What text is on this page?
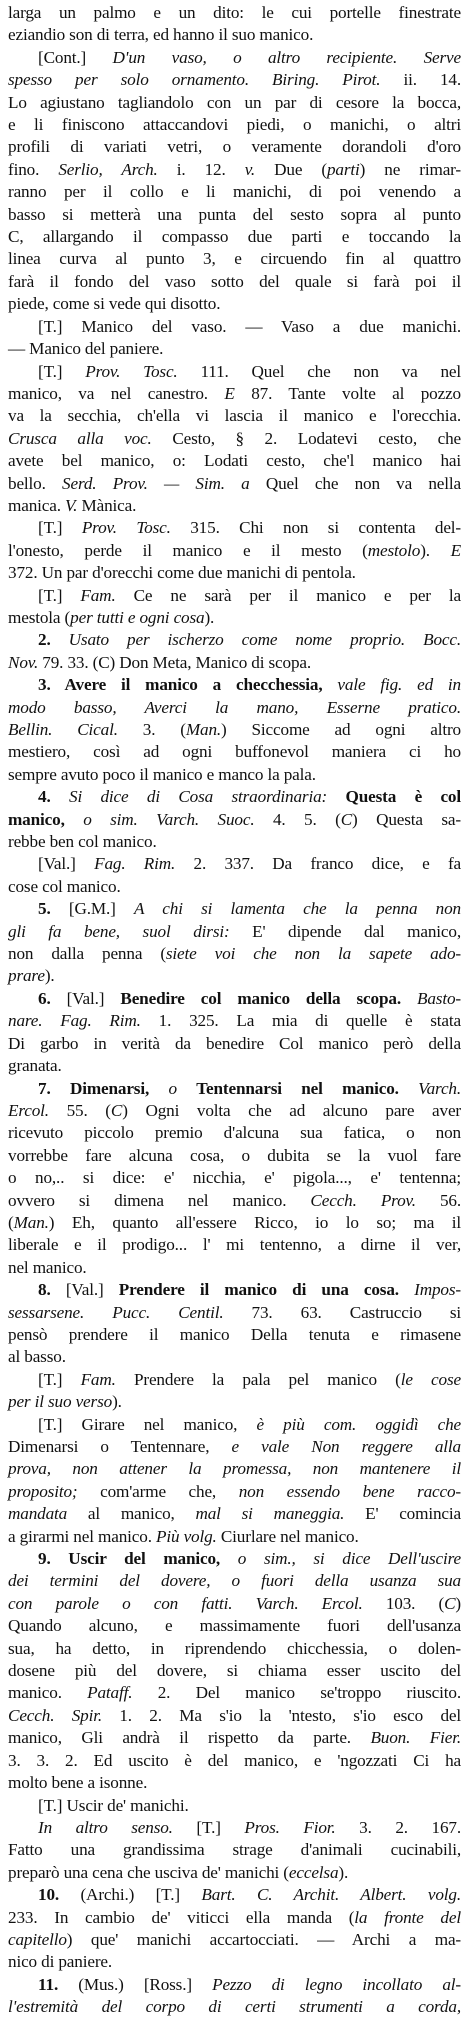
larga un palmo e un dito: le cui portelle finestrate
eziandio son di terra, ed hanno il suo manico.
[Cont.] D'un vaso, o altro recipiente. Serve
spesso per solo ornamento. Biring. Pirot. ii. 14.
Lo agiustano tagliandolo con un par di cesore la bocca,
e li finiscono attaccandovi piedi, o manichi, o altri
profili di variati vetri, o veramente dorandoli d'oro
fino. Serlio, Arch. i. 12. v. Due (parti) ne rimar-
ranno per il collo e li manichi, di poi venendo a
basso si metterà una punta del sesto sopra al punto
C, allargando il compasso due parti e toccando la
linea curva al punto 3, e circuendo fin al quattro
farà il fondo del vaso sotto del quale si farà poi il
piede, come si vede qui disotto.
[T.] Manico del vaso. — Vaso a due manichi.
— Manico del paniere.
[T.] Prov. Tosc. 111. Quel che non va nel
manico, va nel canestro. E 87. Tante volte al pozzo
va la secchia, ch'ella vi lascia il manico e l'orecchia.
Crusca alla voc. Cesto, § 2. Lodatevi cesto, che
avete bel manico, o: Lodati cesto, che'l manico hai
bello. Serd. Prov. — Sim. a Quel che non va nella
manica. V. Mànica.
[T.] Prov. Tosc. 315. Chi non si contenta del-
l'onesto, perde il manico e il mesto (mestolo). E
372. Un par d'orecchi come due manichi di pentola.
[T.] Fam. Ce ne sarà per il manico e per la
mestola (per tutti e ogni cosa).
2. Usato per ischerzo come nome proprio. Bocc.
Nov. 79. 33. (C) Don Meta, Manico di scopa.
3. Avere il manico a checchessia, vale fig. ed in
modo basso, Averci la mano, Esserne pratico.
Bellin. Cical. 3. (Man.) Siccome ad ogni altro
mestiero, così ad ogni buffonevol maniera ci ho
sempre avuto poco il manico e manco la pala.
4. Si dice di Cosa straordinaria: Questa è col
manico, o sim. Varch. Suoc. 4. 5. (C) Questa sa-
rebbe ben col manico.
[Val.] Fag. Rim. 2. 337. Da franco dice, e fa
cose col manico.
5. [G.M.] A chi si lamenta che la penna non
gli fa bene, suol dirsi: E' dipende dal manico,
non dalla penna (siete voi che non la sapete ado-
prare).
6. [Val.] Benedire col manico della scopa. Basto-
nare. Fag. Rim. 1. 325. La mia di quelle è stata
Di garbo in verità da benedire Col manico però della
granata.
7. Dimenarsi, o Tentennarsi nel manico. Varch.
Ercol. 55. (C) Ogni volta che ad alcuno pare aver
ricevuto piccolo premio d'alcuna sua fatica, o non
vorrebbe fare alcuna cosa, o dubita se la vuol fare
o no,.. si dice: e' nicchia, e' pigola..., e' tentenna;
ovvero si dimena nel manico. Cecch. Prov. 56.
(Man.) Eh, quanto all'essere Ricco, io lo so; ma il
liberale e il prodigo... l' mi tentenno, a dirne il ver,
nel manico.
8. [Val.] Prendere il manico di una cosa. Impos-
sessarsene. Pucc. Centil. 73. 63. Castruccio si
pensò prendere il manico Della tenuta e rimasene
al basso.
[T.] Fam. Prendere la pala pel manico (le cose
per il suo verso).
[T.] Girare nel manico, è più com. oggidì che
Dimenarsi o Tentennare, e vale Non reggere alla
prova, non attener la promessa, non mantenere il
proposito; com'arme che, non essendo bene racco-
mandata al manico, mal si maneggia. E' comincia
a girarmi nel manico. Più volg. Ciurlare nel manico.
9. Uscir del manico, o sim., si dice Dell'uscire
dei termini del dovere, o fuori della usanza sua
con parole o con fatti. Varch. Ercol. 103. (C)
Quando alcuno, e massimamente fuori dell'usanza
sua, ha detto, in riprendendo chicchessia, o dolen-
dosene più del dovere, si chiama esser uscito del
manico. Pataff. 2. Del manico se'troppo riuscito.
Cecch. Spir. 1. 2. Ma s'io la 'ntesto, s'io esco del
manico, Gli andrà il rispetto da parte. Buon. Fier.
3. 3. 2. Ed uscito è del manico, e 'ngozzati Ci ha
molto bene a isonne.
[T.] Uscir de' manichi.
In altro senso. [T.] Pros. Fior. 3. 2. 167.
Fatto una grandissima strage d'animali cucinabili,
preparò una cena che usciva de' manichi (eccelsa).
10. (Archi.) [T.] Bart. C. Archit. Albert. volg.
233. In cambio de' viticci ella manda (la fronte del
capitello) que' manichi accartocciati. — Archi a ma-
nico di paniere.
11. (Mus.) [Ross.] Pezzo di legno incollato al-
l'estremità del corpo di certi strumenti a corda,
